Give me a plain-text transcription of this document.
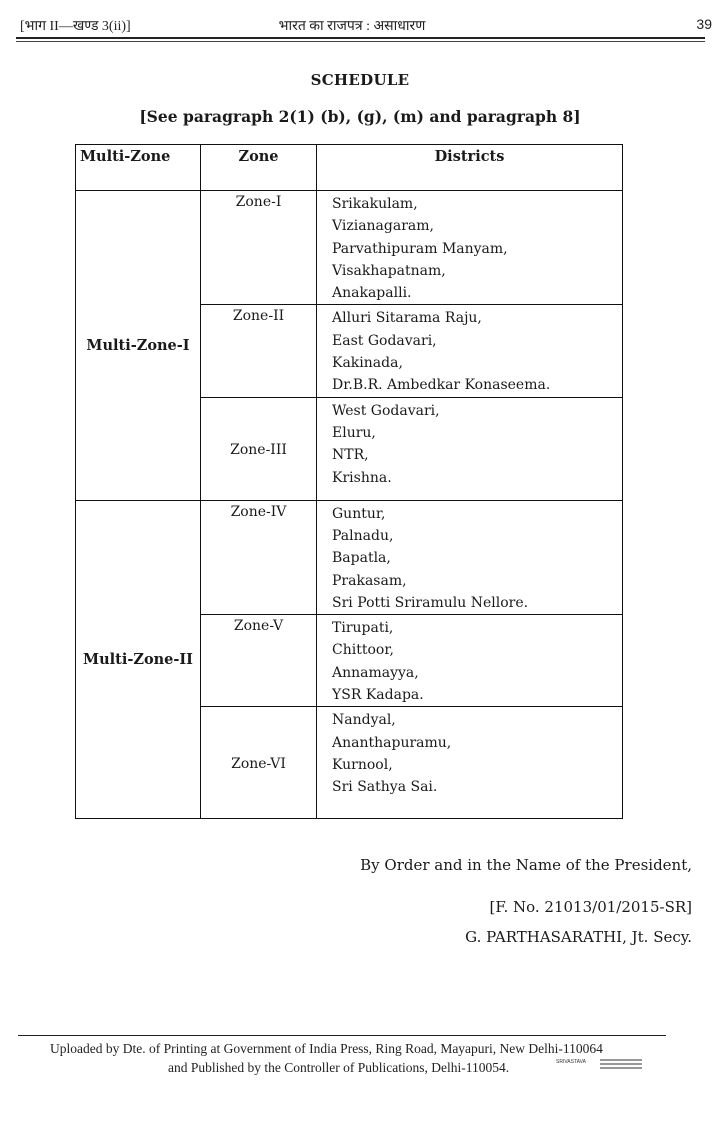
[भाग II—खण्ड 3(ii)]	भारत का राजपत्र : असाधारण	39
SCHEDULE
[See paragraph 2(1) (b), (g), (m) and paragraph 8]
Multi-Zone	Zone	Districts
Multi-Zone-I	Zone-I	Srikakulam,
Vizianagaram,
Parvathipuram Manyam,
Visakhapatnam,
Anakapalli.

	Zone-II	Alluri Sitarama Raju,
East Godavari,
Kakinada,
Dr.B.R. Ambedkar Konaseema.

	Zone-III	West Godavari,
Eluru,
NTR,
Krishna.

Multi-Zone-II	Zone-IV	Guntur,
Palnadu,
Bapatla,
Prakasam,
Sri Potti Sriramulu Nellore.

	Zone-V	Tirupati,
Chittoor,
Annamayya,
YSR Kadapa.

	Zone-VI	Nandyal,
Ananthapuramu,
Kurnool,
Sri Sathya Sai.
By Order and in the Name of the President,
[F. No. 21013/01/2015-SR]
G. PARTHASARATHI, Jt. Secy.
Uploaded by Dte. of Printing at Government of India Press, Ring Road, Mayapuri, New Delhi-110064
and Published by the Controller of Publications, Delhi-110054.	SRIVASTAVA
